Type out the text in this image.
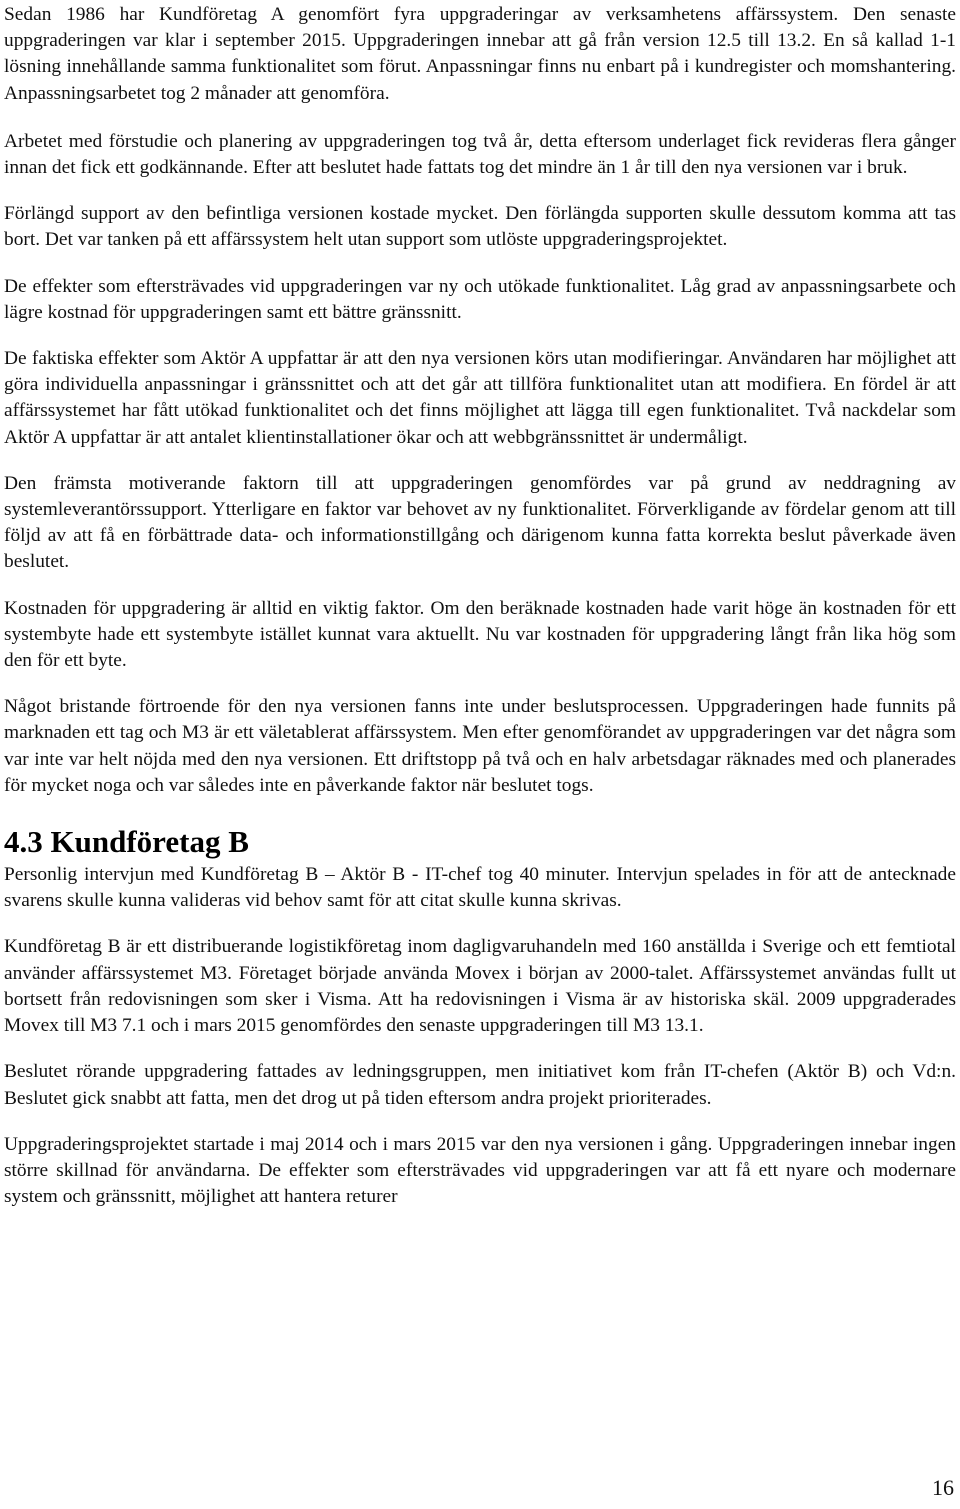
Sedan 1986 har Kundföretag A genomfört fyra uppgraderingar av verksamhetens affärssystem. Den senaste uppgraderingen var klar i september 2015. Uppgraderingen innebar att gå från version 12.5 till 13.2. En så kallad 1-1 lösning innehållande samma funktionalitet som förut. Anpassningar finns nu enbart på i kundregister och momshantering. Anpassningsarbetet tog 2 månader att genomföra.

Arbetet med förstudie och planering av uppgraderingen tog två år, detta eftersom underlaget fick revideras flera gånger innan det fick ett godkännande. Efter att beslutet hade fattats tog det mindre än 1 år till den nya versionen var i bruk.

Förlängd support av den befintliga versionen kostade mycket. Den förlängda supporten skulle dessutom komma att tas bort. Det var tanken på ett affärssystem helt utan support som utlöste uppgraderingsprojektet.

De effekter som eftersträvades vid uppgraderingen var ny och utökade funktionalitet. Låg grad av anpassningsarbete och lägre kostnad för uppgraderingen samt ett bättre gränssnitt.

De faktiska effekter som Aktör A uppfattar är att den nya versionen körs utan modifieringar. Användaren har möjlighet att göra individuella anpassningar i gränssnittet och att det går att tillföra funktionalitet utan att modifiera. En fördel är att affärssystemet har fått utökad funktionalitet och det finns möjlighet att lägga till egen funktionalitet. Två nackdelar som Aktör A uppfattar är att antalet klientinstallationer ökar och att webbgränssnittet är undermåligt.

Den främsta motiverande faktorn till att uppgraderingen genomfördes var på grund av neddragning av systemleverantörssupport. Ytterligare en faktor var behovet av ny funktionalitet. Förverkligande av fördelar genom att till följd av att få en förbättrade data- och informationstillgång och därigenom kunna fatta korrekta beslut påverkade även beslutet.

Kostnaden för uppgradering är alltid en viktig faktor. Om den beräknade kostnaden hade varit höge än kostnaden för ett systembyte hade ett systembyte istället kunnat vara aktuellt. Nu var kostnaden för uppgradering långt från lika hög som den för ett byte.

Något bristande förtroende för den nya versionen fanns inte under beslutsprocessen. Uppgraderingen hade funnits på marknaden ett tag och M3 är ett väletablerat affärssystem. Men efter genomförandet av uppgraderingen var det några som var inte var helt nöjda med den nya versionen. Ett driftstopp på två och en halv arbetsdagar räknades med och planerades för mycket noga och var således inte en påverkande faktor när beslutet togs.

4.3 Kundföretag B

Personlig intervjun med Kundföretag B – Aktör B - IT-chef tog 40 minuter. Intervjun spelades in för att de antecknade svarens skulle kunna valideras vid behov samt för att citat skulle kunna skrivas.

Kundföretag B är ett distribuerande logistikföretag inom dagligvaruhandeln med 160 anställda i Sverige och ett femtiotal använder affärssystemet M3. Företaget började använda Movex i början av 2000-talet. Affärssystemet användas fullt ut bortsett från redovisningen som sker i Visma. Att ha redovisningen i Visma är av historiska skäl. 2009 uppgraderades Movex till M3 7.1 och i mars 2015 genomfördes den senaste uppgraderingen till M3 13.1.

Beslutet rörande uppgradering fattades av ledningsgruppen, men initiativet kom från IT-chefen (Aktör B) och Vd:n. Beslutet gick snabbt att fatta, men det drog ut på tiden eftersom andra projekt prioriterades.

Uppgraderingsprojektet startade i maj 2014 och i mars 2015 var den nya versionen i gång. Uppgraderingen innebar ingen större skillnad för användarna. De effekter som eftersträvades vid uppgraderingen var att få ett nyare och modernare system och gränssnitt, möjlighet att hantera returer

16
